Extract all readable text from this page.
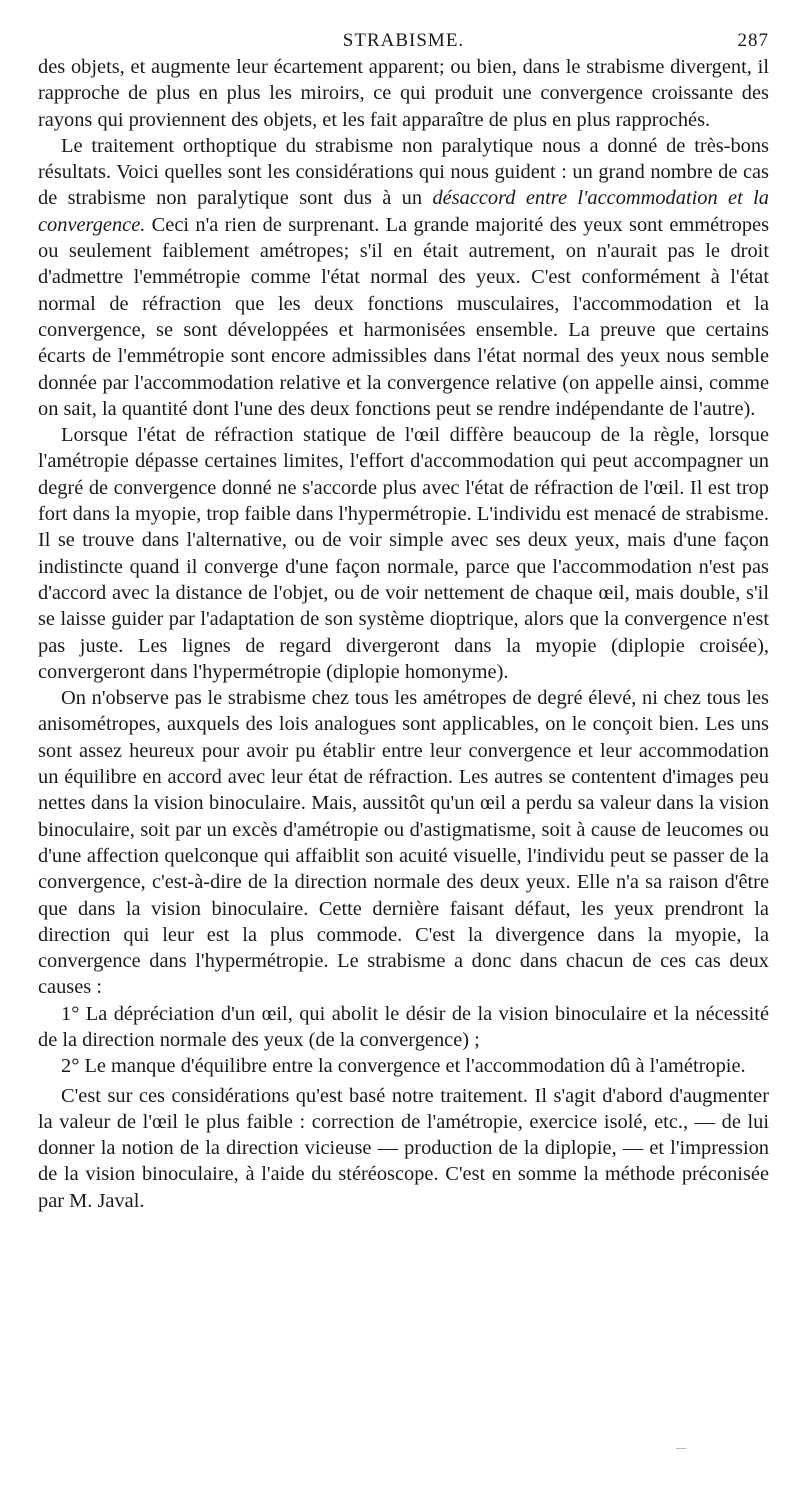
STRABISME.	287

des objets, et augmente leur écartement apparent; ou bien, dans le strabisme divergent, il rapproche de plus en plus les miroirs, ce qui produit une convergence croissante des rayons qui proviennent des objets, et les fait apparaître de plus en plus rapprochés.

Le traitement orthoptique du strabisme non paralytique nous a donné de très-bons résultats. Voici quelles sont les considérations qui nous guident : un grand nombre de cas de strabisme non paralytique sont dus à un désaccord entre l'accommodation et la convergence. Ceci n'a rien de surprenant. La grande majorité des yeux sont emmétropes ou seulement faiblement amétropes; s'il en était autrement, on n'aurait pas le droit d'admettre l'emmétropie comme l'état normal des yeux. C'est conformément à l'état normal de réfraction que les deux fonctions musculaires, l'accommodation et la convergence, se sont développées et harmonisées ensemble. La preuve que certains écarts de l'emmétropie sont encore admissibles dans l'état normal des yeux nous semble donnée par l'accommodation relative et la convergence relative (on appelle ainsi, comme on sait, la quantité dont l'une des deux fonctions peut se rendre indépendante de l'autre).

Lorsque l'état de réfraction statique de l'œil diffère beaucoup de la règle, lorsque l'amétropie dépasse certaines limites, l'effort d'accommodation qui peut accompagner un degré de convergence donné ne s'accorde plus avec l'état de réfraction de l'œil. Il est trop fort dans la myopie, trop faible dans l'hypermétropie. L'individu est menacé de strabisme. Il se trouve dans l'alternative, ou de voir simple avec ses deux yeux, mais d'une façon indistincte quand il converge d'une façon normale, parce que l'accommodation n'est pas d'accord avec la distance de l'objet, ou de voir nettement de chaque œil, mais double, s'il se laisse guider par l'adaptation de son système dioptrique, alors que la convergence n'est pas juste. Les lignes de regard divergeront dans la myopie (diplopie croisée), convergeront dans l'hypermétropie (diplopie homonyme).

On n'observe pas le strabisme chez tous les amétropes de degré élevé, ni chez tous les anisométropes, auxquels des lois analogues sont applicables, on le conçoit bien. Les uns sont assez heureux pour avoir pu établir entre leur convergence et leur accommodation un équilibre en accord avec leur état de réfraction. Les autres se contentent d'images peu nettes dans la vision binoculaire. Mais, aussitôt qu'un œil a perdu sa valeur dans la vision binoculaire, soit par un excès d'amétropie ou d'astigmatisme, soit à cause de leucomes ou d'une affection quelconque qui affaiblit son acuité visuelle, l'individu peut se passer de la convergence, c'est-à-dire de la direction normale des deux yeux. Elle n'a sa raison d'être que dans la vision binoculaire. Cette dernière faisant défaut, les yeux prendront la direction qui leur est la plus commode. C'est la divergence dans la myopie, la convergence dans l'hypermétropie. Le strabisme a donc dans chacun de ces cas deux causes :

1° La dépréciation d'un œil, qui abolit le désir de la vision binoculaire et la nécessité de la direction normale des yeux (de la convergence) ;

2° Le manque d'équilibre entre la convergence et l'accommodation dû à l'amétropie.

C'est sur ces considérations qu'est basé notre traitement. Il s'agit d'abord d'augmenter la valeur de l'œil le plus faible : correction de l'amétropie, exercice isolé, etc., — de lui donner la notion de la direction vicieuse — production de la diplopie, — et l'impression de la vision binoculaire, à l'aide du stéréoscope. C'est en somme la méthode préconisée par M. Javal.
